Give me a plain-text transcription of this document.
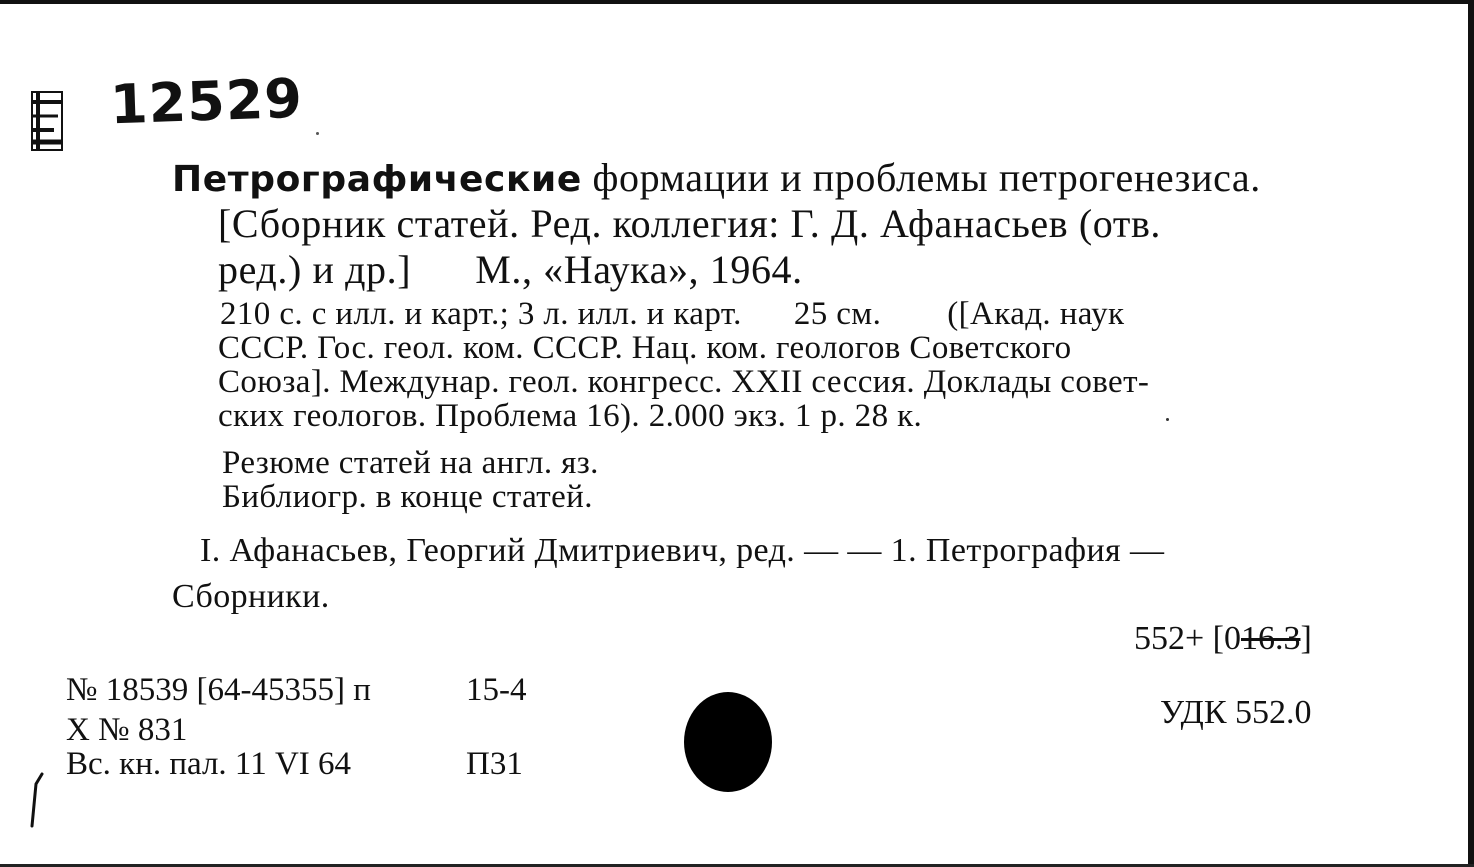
12529
Петрографические формации и проблемы петрогенезиса.
[Сборник статей. Ред. коллегия: Г. Д. Афанасьев (отв.
ред.) и др.] М., «Наука», 1964.
210 с. с илл. и карт.; 3 л. илл. и карт. 25 см. ([Акад. наук
СССР. Гос. геол. ком. СССР. Нац. ком. геологов Советского
Союза]. Междунар. геол. конгресс. XXII сессия. Доклады совет-
ских геологов. Проблема 16). 2.000 экз. 1 р. 28 к.
Резюме статей на англ. яз.
Библиогр. в конце статей.
I. Афанасьев, Георгий Дмитриевич, ред. — — 1. Петрография —
Сборники.
552+ [016.3]
УДК 552.0
№ 18539 [64-45355] п	15-4
Х № 831
Вс. кн. пал. 11 VI 64	П31
